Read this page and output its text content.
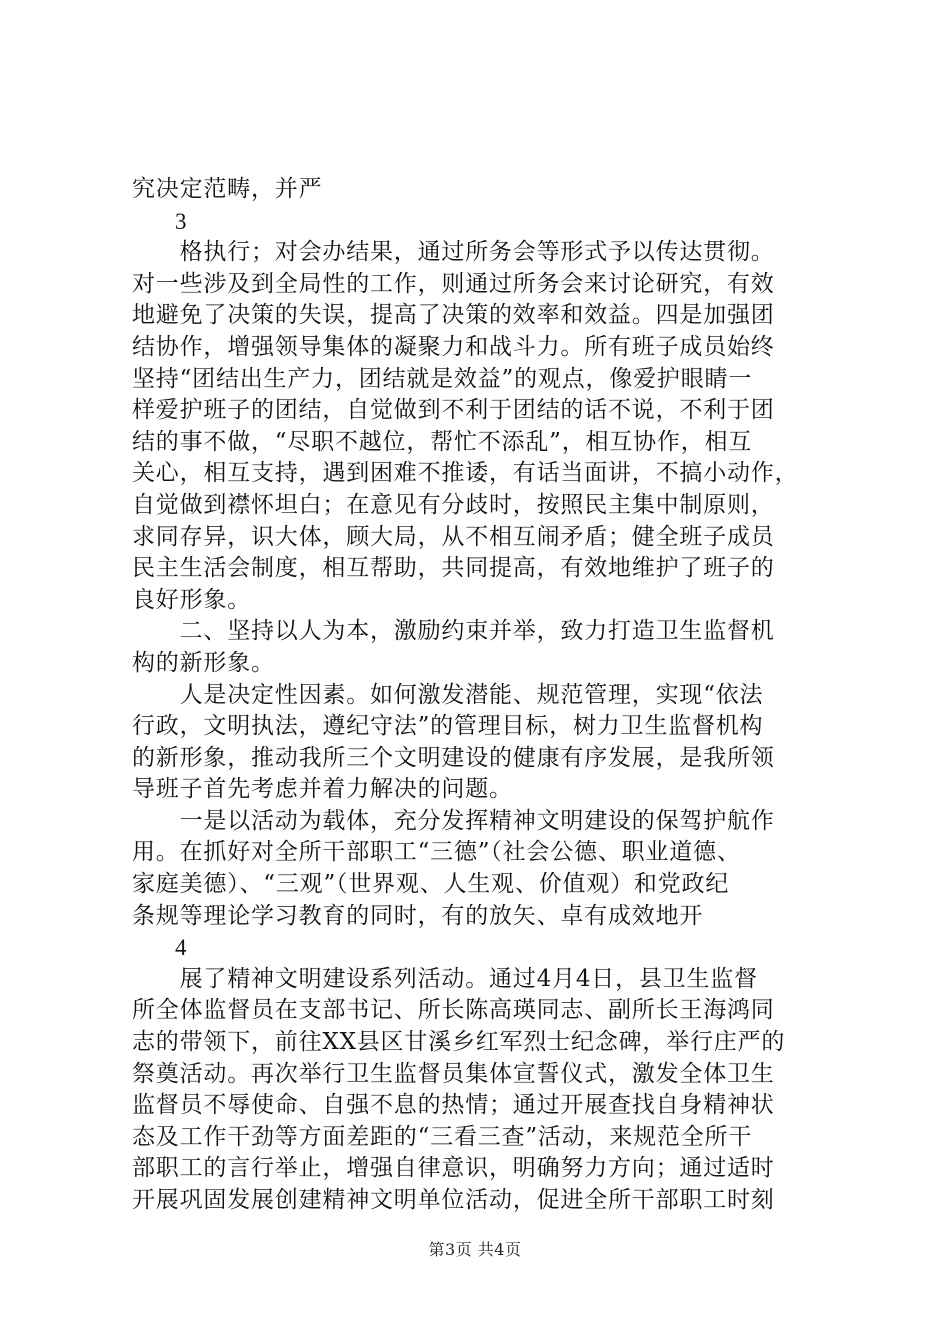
究决定范畴，并严
3
  格执行；对会办结果，通过所务会等形式予以传达贯彻。
对一些涉及到全局性的工作，则通过所务会来讨论研究，有效
地避免了决策的失误，提高了决策的效率和效益。四是加强团
结协作，增强领导集体的凝聚力和战斗力。所有班子成员始终
坚持“团结出生产力，团结就是效益”的观点，像爱护眼睛一
样爱护班子的团结，自觉做到不利于团结的话不说，不利于团
结的事不做，“尽职不越位，帮忙不添乱”，相互协作，相互
关心，相互支持，遇到困难不推诿，有话当面讲，不搞小动作，
自觉做到襟怀坦白；在意见有分歧时，按照民主集中制原则，
求同存异，识大体，顾大局，从不相互闹矛盾；健全班子成员
民主生活会制度，相互帮助，共同提高，有效地维护了班子的
良好形象。
  二、坚持以人为本，激励约束并举，致力打造卫生监督机
构的新形象。
  人是决定性因素。如何激发潜能、规范管理，实现“依法
行政，文明执法，遵纪守法”的管理目标，树力卫生监督机构
的新形象，推动我所三个文明建设的健康有序发展，是我所领
导班子首先考虑并着力解决的问题。
  一是以活动为载体，充分发挥精神文明建设的保驾护航作
用。在抓好对全所干部职工“三德”（社会公德、职业道德、
家庭美德）、“三观”（世界观、人生观、价值观）和党政纪
条规等理论学习教育的同时，有的放矢、卓有成效地开
4
  展了精神文明建设系列活动。通过4月4日，县卫生监督
所全体监督员在支部书记、所长陈高瑛同志、副所长王海鸿同
志的带领下，前往XX县区甘溪乡红军烈士纪念碑，举行庄严的
祭奠活动。再次举行卫生监督员集体宣誓仪式，激发全体卫生
监督员不辱使命、自强不息的热情；通过开展查找自身精神状
态及工作干劲等方面差距的“三看三查”活动，来规范全所干
部职工的言行举止，增强自律意识，明确努力方向；通过适时
开展巩固发展创建精神文明单位活动，促进全所干部职工时刻
第3页 共4页
